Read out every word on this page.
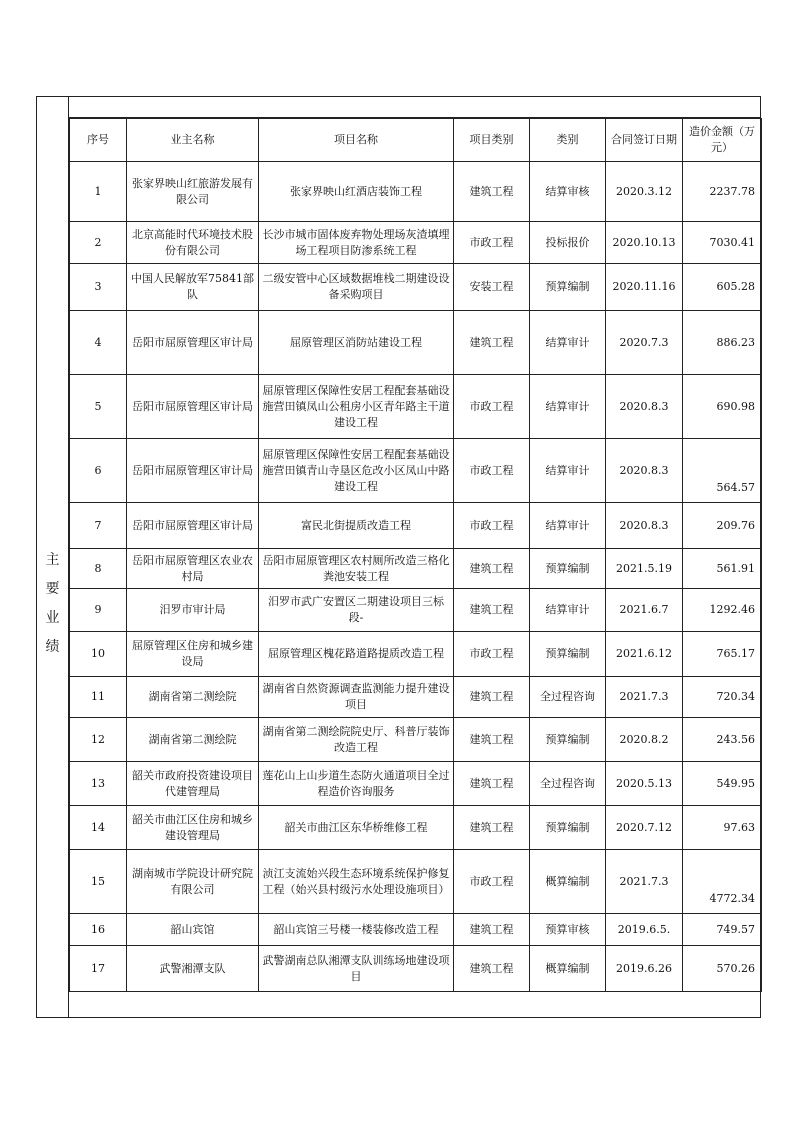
主
要
业
绩
序号	业主名称	项目名称	项目类别	类别	合同签订日期	造价金额（万元）
1	张家界映山红旅游发展有限公司	张家界映山红酒店装饰工程	建筑工程	结算审核	2020.3.12	2237.78
2	北京高能时代环境技术股份有限公司	长沙市城市固体废弃物处理场灰渣填埋场工程项目防渗系统工程	市政工程	投标报价	2020.10.13	7030.41
3	中国人民解放军75841部队	二级安管中心区域数据堆栈二期建设设备采购项目	安装工程	预算编制	2020.11.16	605.28
4	岳阳市屈原管理区审计局	屈原管理区消防站建设工程	建筑工程	结算审计	2020.7.3	886.23
5	岳阳市屈原管理区审计局	屈原管理区保障性安居工程配套基础设施营田镇凤山公租房小区青年路主干道建设工程	市政工程	结算审计	2020.8.3	690.98
6	岳阳市屈原管理区审计局	屈原管理区保障性安居工程配套基础设施营田镇青山寺垦区危改小区凤山中路建设工程	市政工程	结算审计	2020.8.3	564.57
7	岳阳市屈原管理区审计局	富民北街提质改造工程	市政工程	结算审计	2020.8.3	209.76
8	岳阳市屈原管理区农业农村局	岳阳市屈原管理区农村厕所改造三格化粪池安装工程	建筑工程	预算编制	2021.5.19	561.91
9	汨罗市审计局	汨罗市武广安置区二期建设项目三标段-	建筑工程	结算审计	2021.6.7	1292.46
10	屈原管理区住房和城乡建设局	屈原管理区槐花路道路提质改造工程	市政工程	预算编制	2021.6.12	765.17
11	湖南省第二测绘院	湖南省自然资源调查监测能力提升建设项目	建筑工程	全过程咨询	2021.7.3	720.34
12	湖南省第二测绘院	湖南省第二测绘院院史厅、科普厅装饰改造工程	建筑工程	预算编制	2020.8.2	243.56
13	韶关市政府投资建设项目代建管理局	莲花山上山步道生态防火通道项目全过程造价咨询服务	建筑工程	全过程咨询	2020.5.13	549.95
14	韶关市曲江区住房和城乡建设管理局	韶关市曲江区东华桥维修工程	建筑工程	预算编制	2020.7.12	97.63
15	湖南城市学院设计研究院有限公司	浈江支流始兴段生态环境系统保护修复工程（始兴县村级污水处理设施项目）	市政工程	概算编制	2021.7.3	4772.34
16	韶山宾馆	韶山宾馆三号楼一楼装修改造工程	建筑工程	预算审核	2019.6.5.	749.57
17	武警湘潭支队	武警湖南总队湘潭支队训练场地建设项目	建筑工程	概算编制	2019.6.26	570.26
